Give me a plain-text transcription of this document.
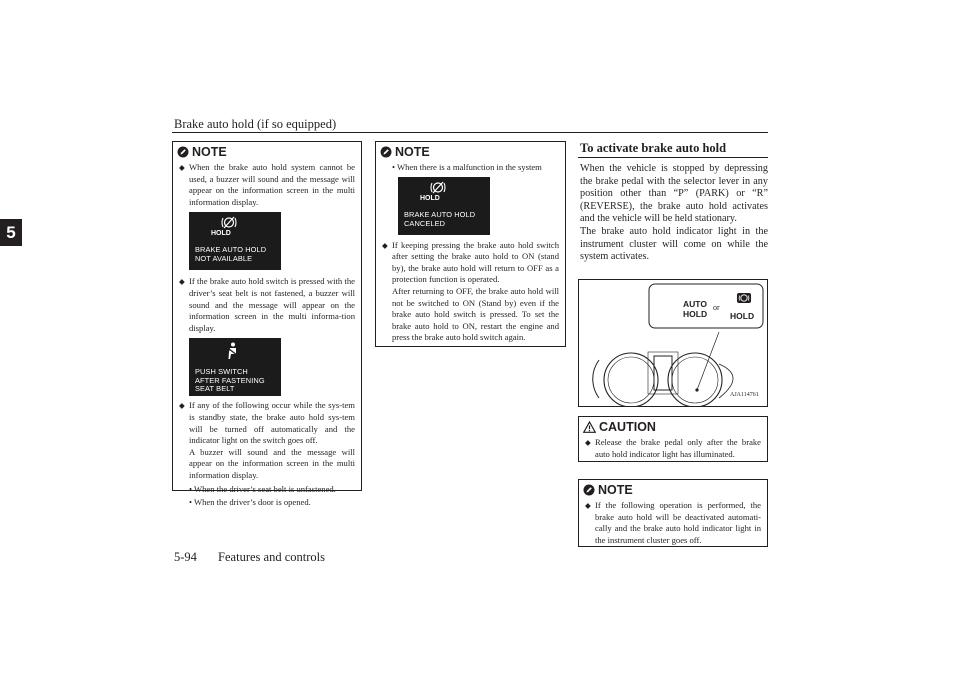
Brake auto hold (if so equipped)
5
NOTE

◆ When the brake auto hold system cannot be used, a buzzer will sound and the message will appear on the information screen in the multi information display.

HOLD
BRAKE AUTO HOLD
NOT AVAILABLE

◆ If the brake auto hold switch is pressed with the driver’s seat belt is not fastened, a buzzer will sound and the message will appear on the information screen in the multi informa-tion display.

PUSH SWITCH
AFTER FASTENING
SEAT BELT

◆ If any of the following occur while the sys-tem is standby state, the brake auto hold sys-tem will be turned off automatically and the indicator light on the switch goes off.

A buzzer will sound and the message will appear on the information screen in the multi information display.

• When the driver’s seat belt is unfastened.

• When the driver’s door is opened.

NOTE

• When there is a malfunction in the system

HOLD
BRAKE AUTO HOLD
CANCELED

◆ If keeping pressing the brake auto hold switch after setting the brake auto hold to ON (stand by), the brake auto hold will return to OFF as a protection function is operated.

After returning to OFF, the brake auto hold will not be switched to ON (Stand by) even if the brake auto hold switch is pressed. To set the brake auto hold to ON, restart the engine and press the brake auto hold switch again.

To activate brake auto hold
When the vehicle is stopped by depressing the brake pedal with the selector lever in any position other than “P” (PARK) or “R” (REVERSE), the brake auto hold activates and the vehicle will be held stationary.
The brake auto hold indicator light in the instrument cluster will come on while the system activates.
AUTO
HOLD
or
HOLD
AJA114761
CAUTION

◆ Release the brake pedal only after the brake auto hold indicator light has illuminated.

NOTE

◆ If the following operation is performed, the brake auto hold will be deactivated automati-cally and the brake auto hold indicator light in the instrument cluster goes off.

5-94 Features and controls
